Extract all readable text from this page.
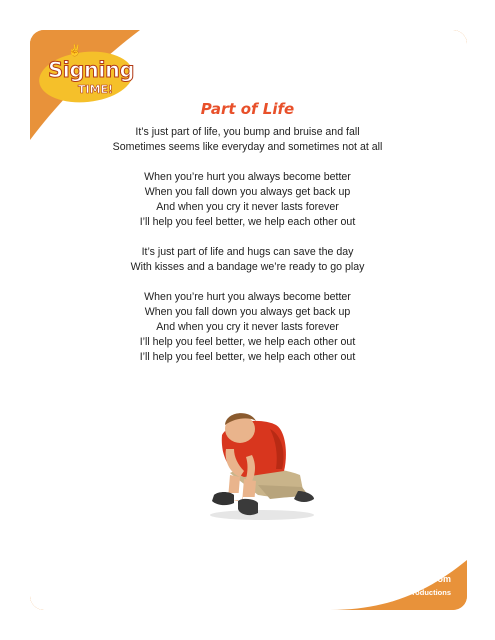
✌
Signing
TIME!
Part of Life
It’s just part of life, you bump and bruise and fall
Sometimes seems like everyday and sometimes not at all
When you’re hurt you always become better
When you fall down you always get back up
And when you cry it never lasts forever
I’ll help you feel better, we help each other out
It’s just part of life and hugs can save the day
With kisses and a bandage we’re ready to go play
When you’re hurt you always become better
When you fall down you always get back up
And when you cry it never lasts forever
I’ll help you feel better, we help each other out
I’ll help you feel better, we help each other out
www.signingtime.com
© 2011 Two Little Hands Productions
